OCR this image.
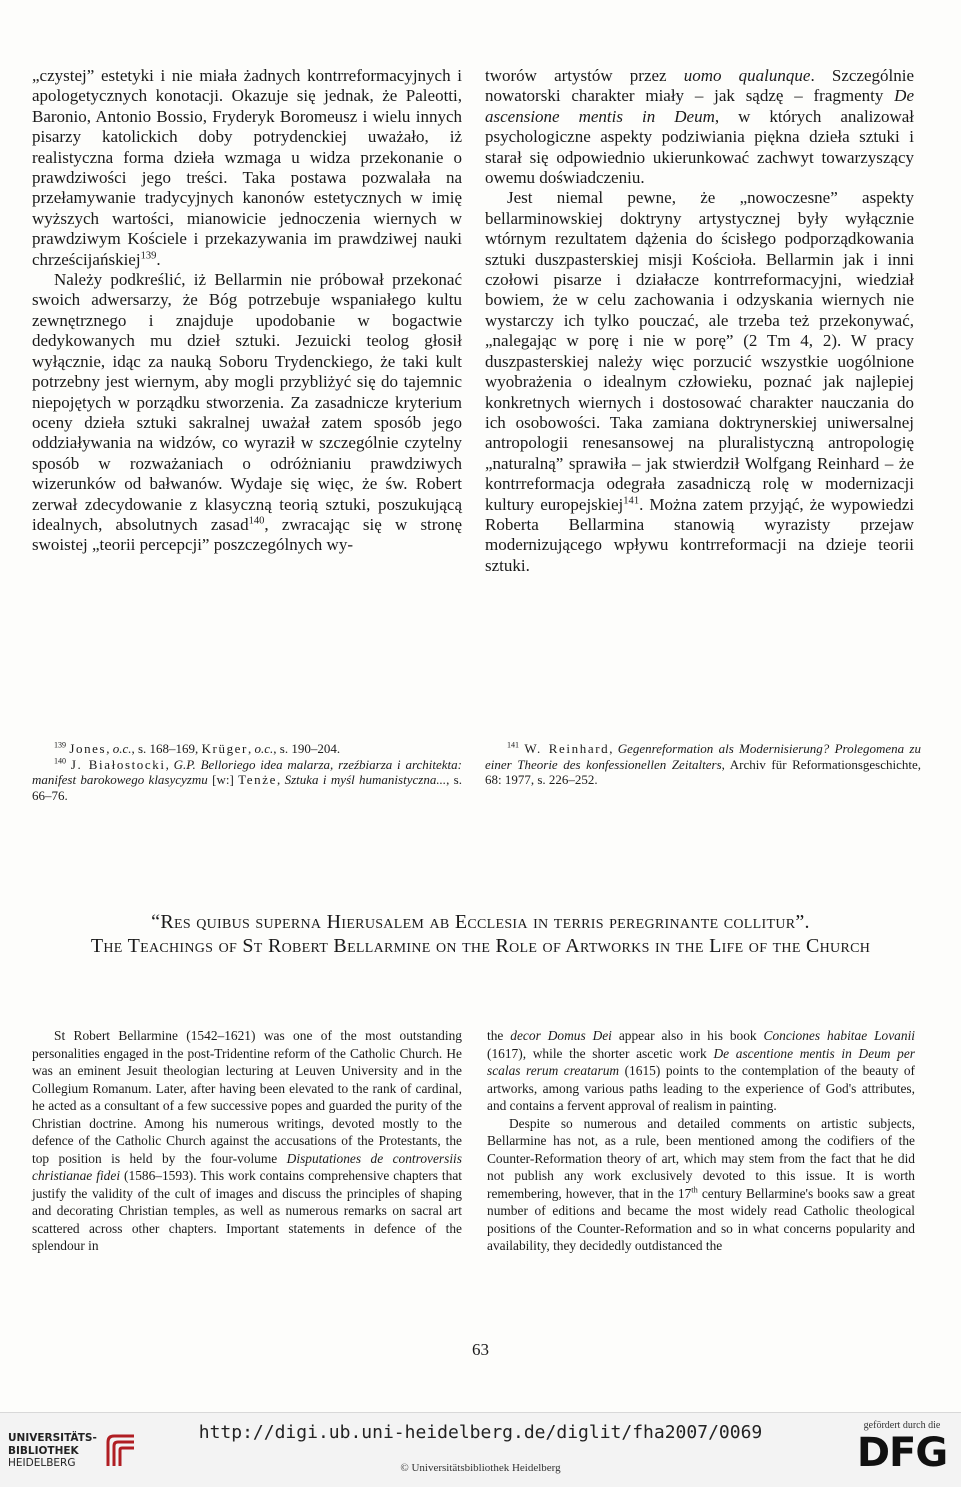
„czystej” estetyki i nie miała żadnych kontrreformacyjnych i apologetycznych konotacji. Okazuje się jednak, że Paleotti, Baronio, Antonio Bossio, Fryderyk Boromeusz i wielu innych pisarzy katolickich doby potrydenckiej uważało, iż realistyczna forma dzieła wzmaga u widza przekonanie o prawdziwości jego treści. Taka postawa pozwalała na przełamywanie tradycyjnych kanonów estetycznych w imię wyższych wartości, mianowicie jednoczenia wiernych w prawdziwym Kościele i przekazywania im prawdziwej nauki chrześcijańskiej$^{139}$.

Należy podkreślić, iż Bellarmin nie próbował przekonać swoich adwersarzy, że Bóg potrzebuje wspaniałego kultu zewnętrznego i znajduje upodobanie w bogactwie dedykowanych mu dzieł sztuki. Jezuicki teolog głosił wyłącznie, idąc za nauką Soboru Trydenckiego, że taki kult potrzebny jest wiernym, aby mogli przybliżyć się do tajemnic niepojętych w porządku stworzenia. Za zasadnicze kryterium oceny dzieła sztuki sakralnej uważał zatem sposób jego oddziaływania na widzów, co wyraził w szczególnie czytelny sposób w rozważaniach o odróżnianiu prawdziwych wizerunków od bałwanów. Wydaje się więc, że św. Robert zerwał zdecydowanie z klasyczną teorią sztuki, poszukującą idealnych, absolutnych zasad$^{140}$, zwracając się w stronę swoistej „teorii percepcji” poszczególnych wy-

tworów artystów przez uomo qualunque. Szczególnie nowatorski charakter miały – jak sądzę – fragmenty De ascensione mentis in Deum, w których analizował psychologiczne aspekty podziwiania piękna dzieła sztuki i starał się odpowiednio ukierunkować zachwyt towarzyszący owemu doświadczeniu.

Jest niemal pewne, że „nowoczesne” aspekty bellarminowskiej doktryny artystycznej były wyłącznie wtórnym rezultatem dążenia do ścisłego podporządkowania sztuki duszpasterskiej misji Kościoła. Bellarmin jak i inni czołowi pisarze i działacze kontrreformacyjni, wiedział bowiem, że w celu zachowania i odzyskania wiernych nie wystarczy ich tylko pouczać, ale trzeba też przekonywać, „nalegając w porę i nie w porę” (2 Tm 4, 2). W pracy duszpasterskiej należy więc porzucić wszystkie uogólnione wyobrażenia o idealnym człowieku, poznać jak najlepiej konkretnych wiernych i dostosować charakter nauczania do ich osobowości. Taka zamiana doktrynerskiej uniwersalnej antropologii renesansowej na pluralistyczną antropologię „naturalną” sprawiła – jak stwierdził Wolfgang Reinhard – że kontrreformacja odegrała zasadniczą rolę w modernizacji kultury europejskiej$^{141}$. Można zatem przyjąć, że wypowiedzi Roberta Bellarmina stanowią wyrazisty przejaw modernizującego wpływu kontrreformacji na dzieje teorii sztuki.

$^{139}$ Jones, o.c., s. 168–169, Krüger, o.c., s. 190–204.

$^{140}$ J. Białostocki, G.P. Belloriego idea malarza, rzeźbiarza i architekta: manifest barokowego klasycyzmu [w:] Tenże, Sztuka i myśl humanistyczna..., s. 66–76.

$^{141}$ W. Reinhard, Gegenreformation als Modernisierung? Prolegomena zu einer Theorie des konfessionellen Zeitalters, Archiv für Reformationsgeschichte, 68: 1977, s. 226–252.

“Res quibus superna Hierusalem ab Ecclesia in terris peregrinante collitur”.
The Teachings of St Robert Bellarmine on the Role of Artworks in the Life of the Church

St Robert Bellarmine (1542–1621) was one of the most outstanding personalities engaged in the post-Tridentine reform of the Catholic Church. He was an eminent Jesuit theologian lecturing at Leuven University and in the Collegium Romanum. Later, after having been elevated to the rank of cardinal, he acted as a consultant of a few successive popes and guarded the purity of the Christian doctrine. Among his numerous writings, devoted mostly to the defence of the Catholic Church against the accusations of the Protestants, the top position is held by the four-volume Disputationes de controversiis christianae fidei (1586–1593). This work contains comprehensive chapters that justify the validity of the cult of images and discuss the principles of shaping and decorating Christian temples, as well as numerous remarks on sacral art scattered across other chapters. Important statements in defence of the splendour in

the decor Domus Dei appear also in his book Conciones habitae Lovanii (1617), while the shorter ascetic work De ascentione mentis in Deum per scalas rerum creatarum (1615) points to the contemplation of the beauty of artworks, among various paths leading to the experience of God's attributes, and contains a fervent approval of realism in painting.

Despite so numerous and detailed comments on artistic subjects, Bellarmine has not, as a rule, been mentioned among the codifiers of the Counter-Reformation theory of art, which may stem from the fact that he did not publish any work exclusively devoted to this issue. It is worth remembering, however, that in the 17th century Bellarmine's books saw a great number of editions and became the most widely read Catholic theological positions of the Counter-Reformation and so in what concerns popularity and availability, they decidedly outdistanced the

63
UNIVERSITÄTS-
BIBLIOTHEK
HEIDELBERG
http://digi.ub.uni-heidelberg.de/diglit/fha2007/0069
© Universitätsbibliothek Heidelberg
gefördert durch die
DFG
